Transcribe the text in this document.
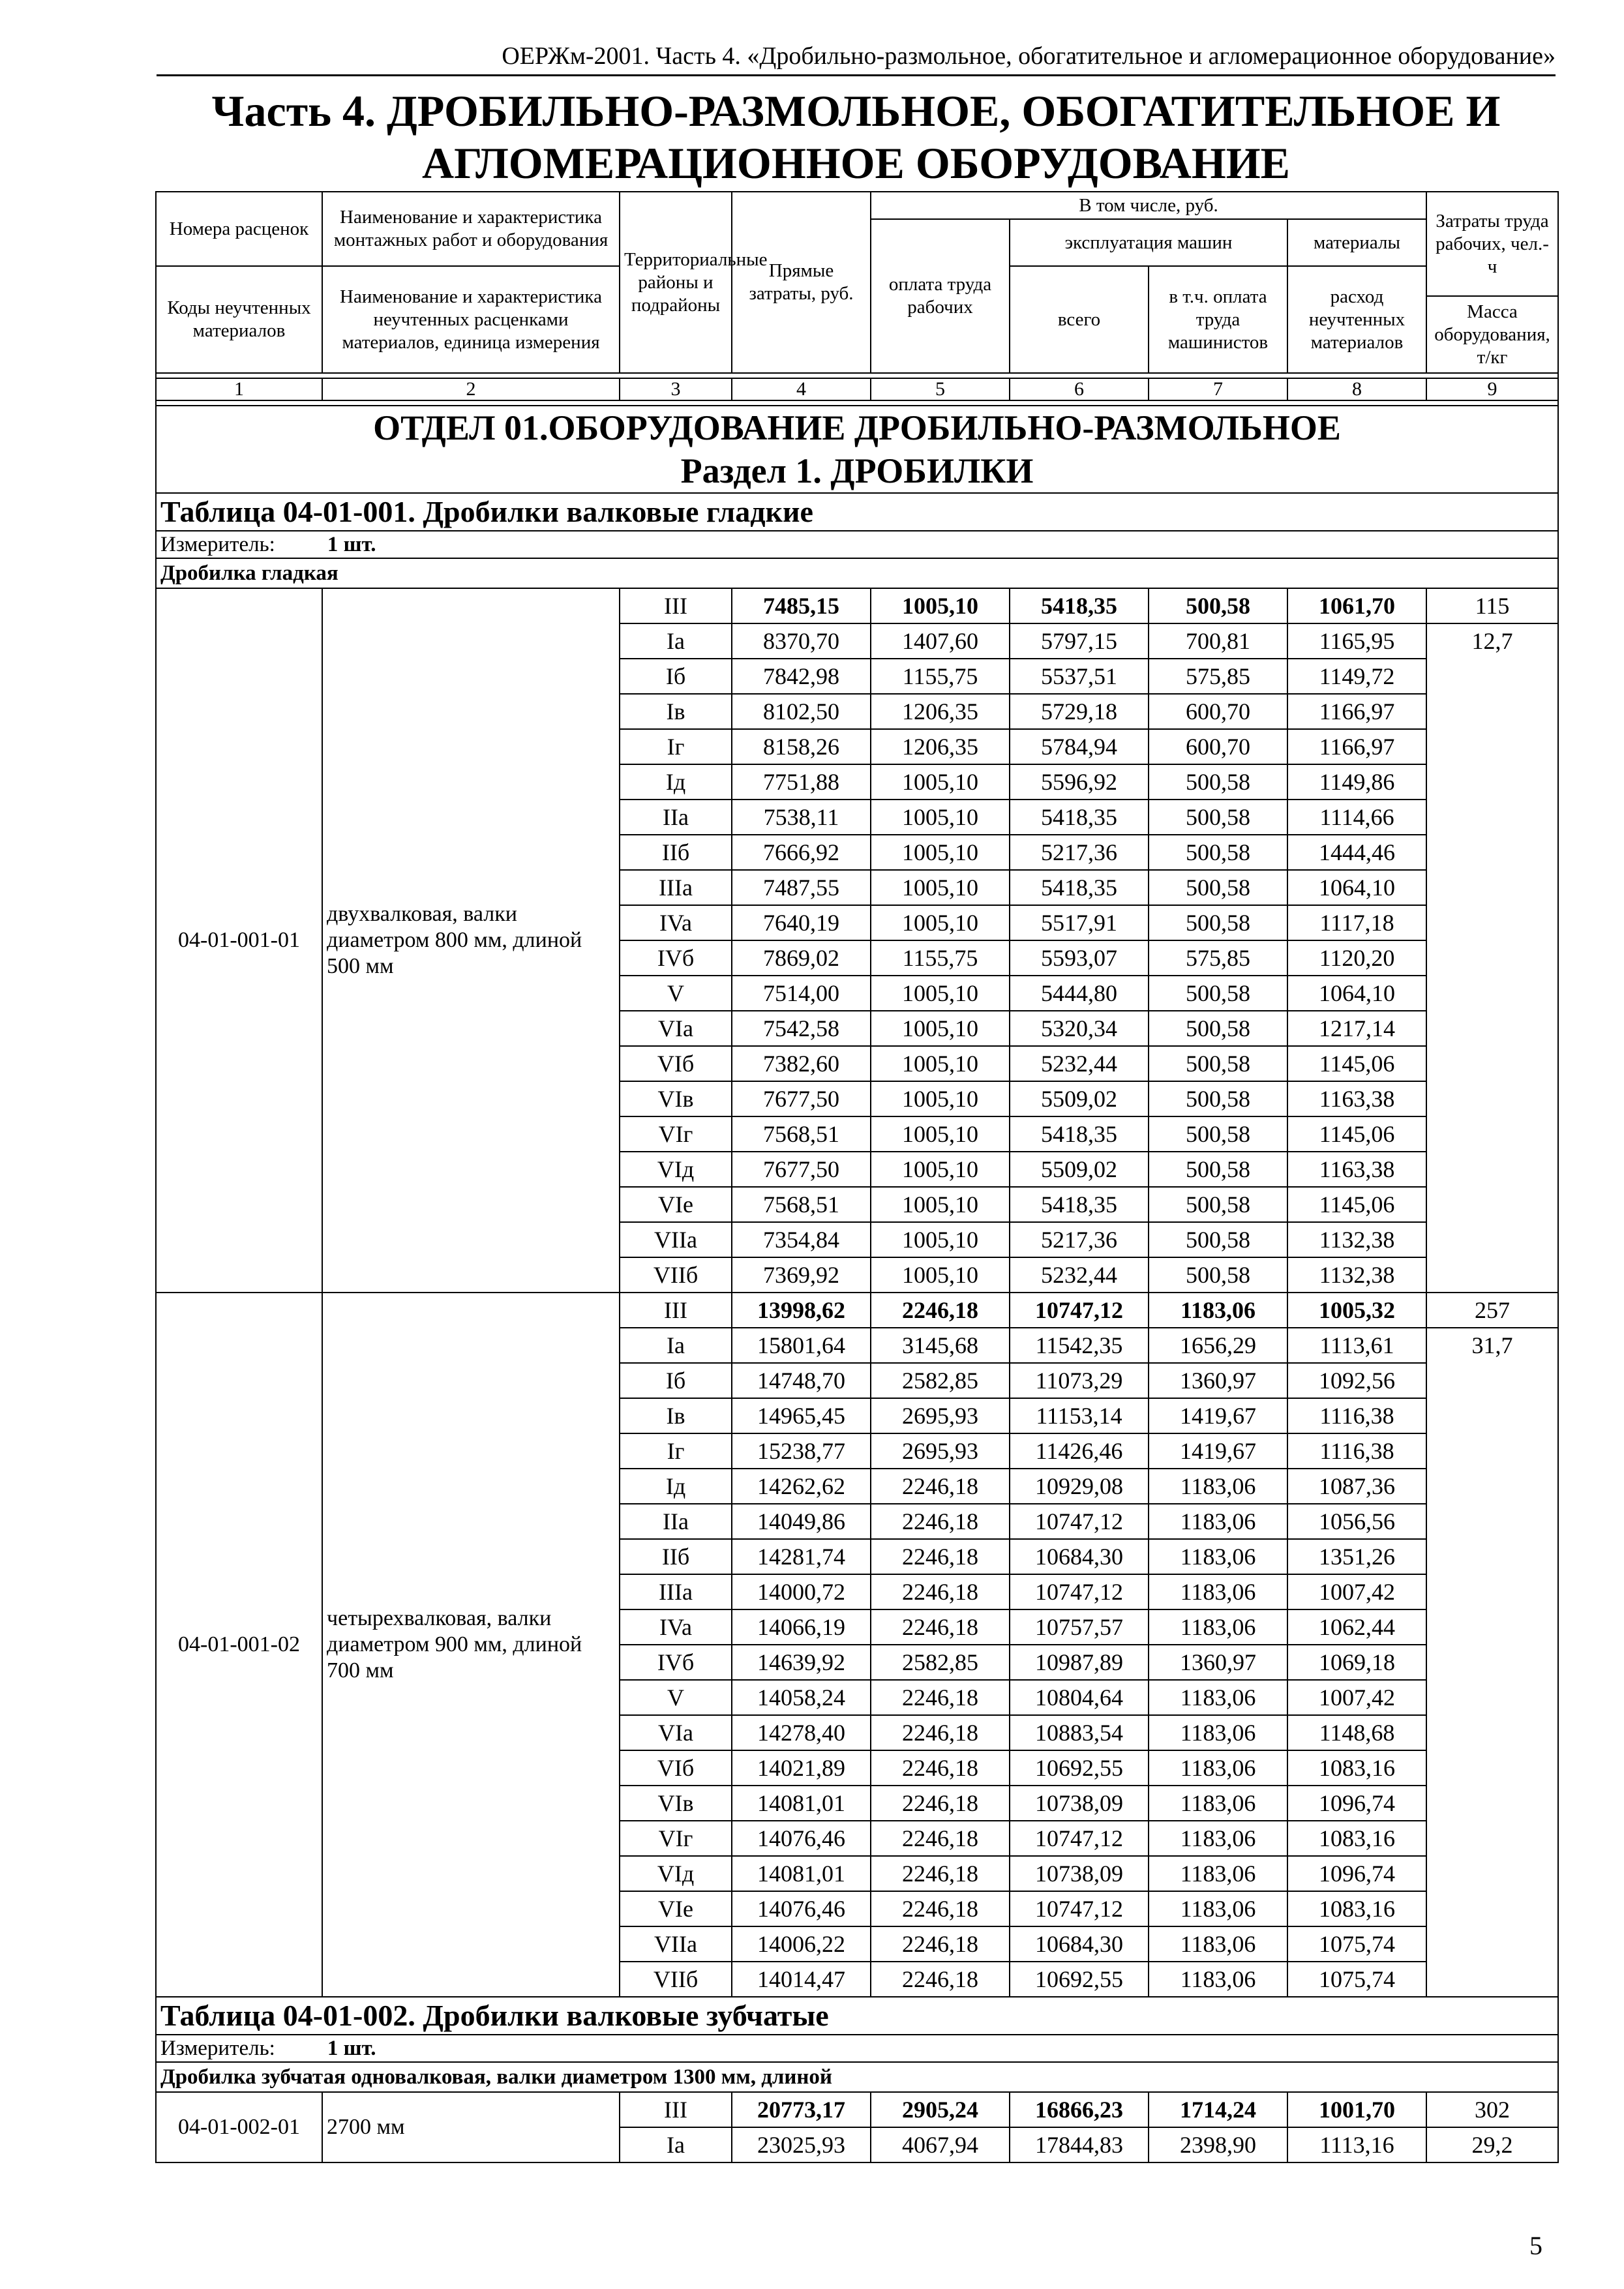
ОЕРЖм-2001. Часть 4. «Дробильно-размольное, обогатительное и агломерационное оборудование»
Часть 4. ДРОБИЛЬНО-РАЗМОЛЬНОЕ, ОБОГАТИТЕЛЬНОЕ И
АГЛОМЕРАЦИОННОЕ ОБОРУДОВАНИЕ
Номера расценок	Наименование и характеристика монтажных работ и оборудования	Территориальные районы и подрайоны	Прямые затраты, руб.	В том числе, руб.				Затраты труда рабочих, чел.-ч
				оплата труда рабочих	эксплуатация машин		материалы	
Коды неучтенных материалов	Наименование и характеристика неучтенных расценками материалов, единица измерения				всего	в т.ч. оплата труда машинистов	расход неучтенных материалов	
								Масса оборудования, т/кг

1	2	3	4	5	6	7	8	9

ОТДЕЛ 01.ОБОРУДОВАНИЕ ДРОБИЛЬНО-РАЗМОЛЬНОЕ
Раздел 1. ДРОБИЛКИ								

Таблица 04-01-001. Дробилки валковые гладкие								
Измеритель: 1 шт.								
Дробилка гладкая								
04-01-001-01	двухвалковая, валки диаметром 800 мм, длиной 500 мм	III	7485,15	1005,10	5418,35	500,58	1061,70	115
		Ia	8370,70	1407,60	5797,15	700,81	1165,95	12,7
		Iб	7842,98	1155,75	5537,51	575,85	1149,72	
		Iв	8102,50	1206,35	5729,18	600,70	1166,97	
		Iг	8158,26	1206,35	5784,94	600,70	1166,97	
		Iд	7751,88	1005,10	5596,92	500,58	1149,86	
		IIa	7538,11	1005,10	5418,35	500,58	1114,66	
		IIб	7666,92	1005,10	5217,36	500,58	1444,46	
		IIIa	7487,55	1005,10	5418,35	500,58	1064,10	
		IVa	7640,19	1005,10	5517,91	500,58	1117,18	
		IVб	7869,02	1155,75	5593,07	575,85	1120,20	
		V	7514,00	1005,10	5444,80	500,58	1064,10	
		VIa	7542,58	1005,10	5320,34	500,58	1217,14	
		VIб	7382,60	1005,10	5232,44	500,58	1145,06	
		VIв	7677,50	1005,10	5509,02	500,58	1163,38	
		VIг	7568,51	1005,10	5418,35	500,58	1145,06	
		VIд	7677,50	1005,10	5509,02	500,58	1163,38	
		VIe	7568,51	1005,10	5418,35	500,58	1145,06	
		VIIa	7354,84	1005,10	5217,36	500,58	1132,38	
		VIIб	7369,92	1005,10	5232,44	500,58	1132,38	
04-01-001-02	четырехвалковая, валки диаметром 900 мм, длиной 700 мм	III	13998,62	2246,18	10747,12	1183,06	1005,32	257
		Ia	15801,64	3145,68	11542,35	1656,29	1113,61	31,7
		Iб	14748,70	2582,85	11073,29	1360,97	1092,56	
		Iв	14965,45	2695,93	11153,14	1419,67	1116,38	
		Iг	15238,77	2695,93	11426,46	1419,67	1116,38	
		Iд	14262,62	2246,18	10929,08	1183,06	1087,36	
		IIa	14049,86	2246,18	10747,12	1183,06	1056,56	
		IIб	14281,74	2246,18	10684,30	1183,06	1351,26	
		IIIa	14000,72	2246,18	10747,12	1183,06	1007,42	
		IVa	14066,19	2246,18	10757,57	1183,06	1062,44	
		IVб	14639,92	2582,85	10987,89	1360,97	1069,18	
		V	14058,24	2246,18	10804,64	1183,06	1007,42	
		VIa	14278,40	2246,18	10883,54	1183,06	1148,68	
		VIб	14021,89	2246,18	10692,55	1183,06	1083,16	
		VIв	14081,01	2246,18	10738,09	1183,06	1096,74	
		VIг	14076,46	2246,18	10747,12	1183,06	1083,16	
		VIд	14081,01	2246,18	10738,09	1183,06	1096,74	
		VIe	14076,46	2246,18	10747,12	1183,06	1083,16	
		VIIa	14006,22	2246,18	10684,30	1183,06	1075,74	
		VIIб	14014,47	2246,18	10692,55	1183,06	1075,74	
Таблица 04-01-002. Дробилки валковые зубчатые								
Измеритель: 1 шт.								
Дробилка зубчатая одновалковая, валки диаметром 1300 мм, длиной								
04-01-002-01	2700 мм	III	20773,17	2905,24	16866,23	1714,24	1001,70	302
		Ia	23025,93	4067,94	17844,83	2398,90	1113,16	29,2
5
